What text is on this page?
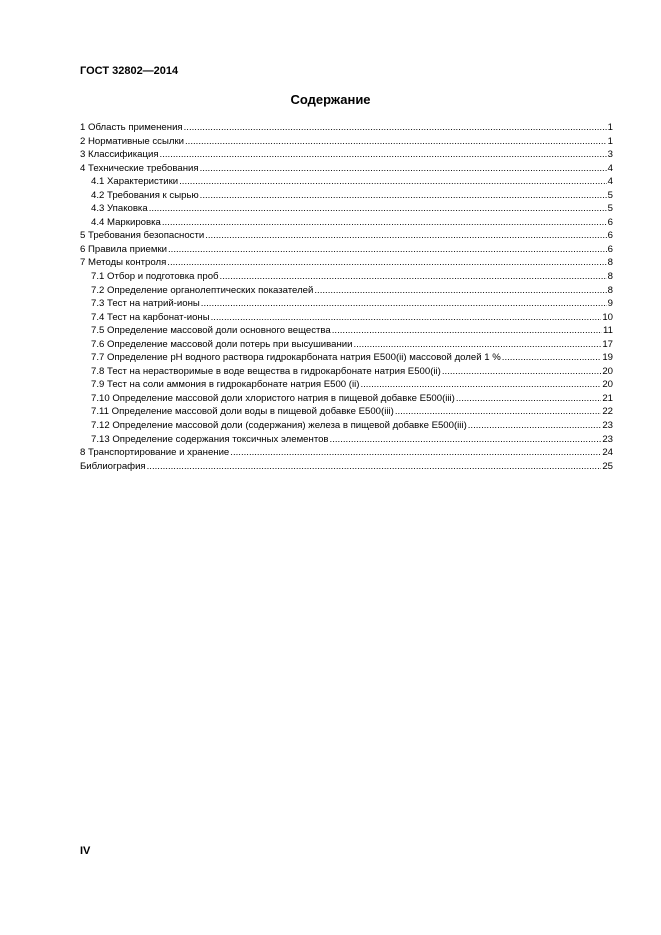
ГОСТ 32802—2014
Содержание
1 Область применения .....	1
2 Нормативные ссылки .....	1
3 Классификация .....	3
4 Технические требования .....	4
4.1 Характеристики .....	4
4.2 Требования к сырью .....	5
4.3 Упаковка .....	5
4.4 Маркировка .....	6
5 Требования безопасности .....	6
6 Правила приемки .....	6
7 Методы контроля .....	8
7.1 Отбор и подготовка проб .....	8
7.2 Определение органолептических показателей .....	8
7.3 Тест на натрий-ионы .....	9
7.4 Тест на карбонат-ионы .....	10
7.5 Определение массовой доли основного вещества .....	11
7.6 Определение массовой доли потерь при высушивании .....	17
7.7 Определение pH водного раствора гидрокарбоната натрия E500(ii) массовой долей 1 % .....	19
7.8 Тест на нерастворимые в воде вещества в гидрокарбонате натрия E500(ii) .....	20
7.9 Тест на соли аммония в гидрокарбонате натрия E500 (ii) .....	20
7.10 Определение массовой доли хлористого натрия в пищевой добавке E500(iii) .....	21
7.11 Определение массовой доли воды в пищевой добавке E500(iii) .....	22
7.12 Определение массовой доли (содержания) железа в пищевой добавке E500(iii) .....	23
7.13 Определение содержания токсичных элементов .....	23
8 Транспортирование и хранение .....	24
Библиография .....	25
IV
